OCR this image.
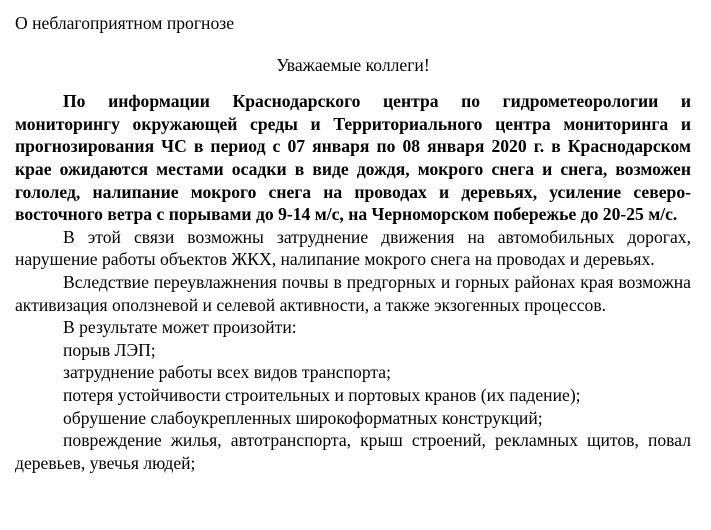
О неблагоприятном прогнозе
Уважаемые коллеги!

По информации Краснодарского центра по гидрометеорологии и мониторингу окружающей среды и Территориального центра мониторинга и прогнозирования ЧС в период с 07 января по 08 января 2020 г. в Краснодарском крае ожидаются местами осадки в виде дождя, мокрого снега и снега, возможен гололед, налипание мокрого снега на проводах и деревьях, усиление северо-восточного ветра с порывами до 9-14 м/с, на Черноморском побережье до 20-25 м/с.

В этой связи возможны затруднение движения на автомобильных дорогах, нарушение работы объектов ЖКХ, налипание мокрого снега на проводах и деревьях.

Вследствие переувлажнения почвы в предгорных и горных районах края возможна активизация оползневой и селевой активности, а также экзогенных процессов.

В результате может произойти:

порыв ЛЭП;
затруднение работы всех видов транспорта;
потеря устойчивости строительных и портовых кранов (их падение);
обрушение слабоукрепленных широкоформатных конструкций;
повреждение жилья, автотранспорта, крыш строений, рекламных щитов, повал деревьев, увечья людей;
